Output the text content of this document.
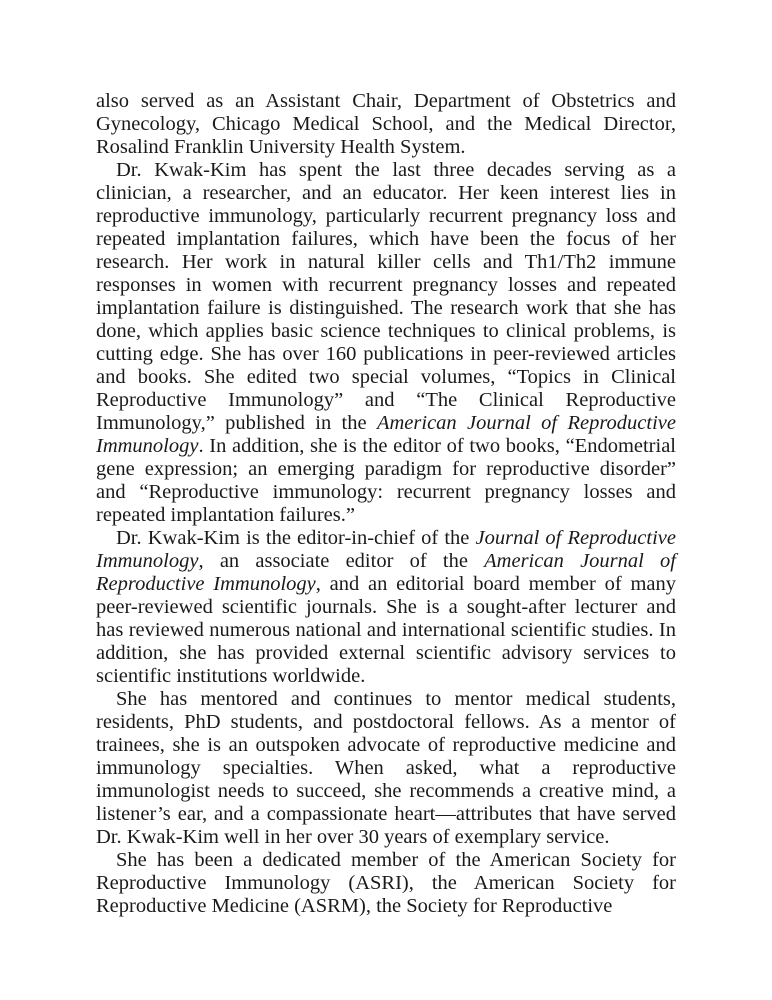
also served as an Assistant Chair, Department of Obstetrics and Gynecology, Chicago Medical School, and the Medical Director, Rosalind Franklin University Health System.

Dr. Kwak-Kim has spent the last three decades serving as a clinician, a researcher, and an educator. Her keen interest lies in reproductive immunology, particularly recurrent pregnancy loss and repeated implantation failures, which have been the focus of her research. Her work in natural killer cells and Th1/Th2 immune responses in women with recurrent pregnancy losses and repeated implantation failure is distinguished. The research work that she has done, which applies basic science techniques to clinical problems, is cutting edge. She has over 160 publications in peer-reviewed articles and books. She edited two special volumes, “Topics in Clinical Reproductive Immunology” and “The Clinical Reproductive Immunology,” published in the American Journal of Reproductive Immunology. In addition, she is the editor of two books, “Endometrial gene expression; an emerging paradigm for reproductive disorder” and “Reproductive immunology: recurrent pregnancy losses and repeated implantation failures.”

Dr. Kwak-Kim is the editor-in-chief of the Journal of Reproductive Immunology, an associate editor of the American Journal of Reproductive Immunology, and an editorial board member of many peer-reviewed scientific journals. She is a sought-after lecturer and has reviewed numerous national and international scientific studies. In addition, she has provided external scientific advisory services to scientific institutions worldwide.

She has mentored and continues to mentor medical students, residents, PhD students, and postdoctoral fellows. As a mentor of trainees, she is an outspoken advocate of reproductive medicine and immunology specialties. When asked, what a reproductive immunologist needs to succeed, she recommends a creative mind, a listener’s ear, and a compassionate heart—attributes that have served Dr. Kwak-Kim well in her over 30 years of exemplary service.

She has been a dedicated member of the American Society for Reproductive Immunology (ASRI), the American Society for Reproductive Medicine (ASRM), the Society for Reproductive
